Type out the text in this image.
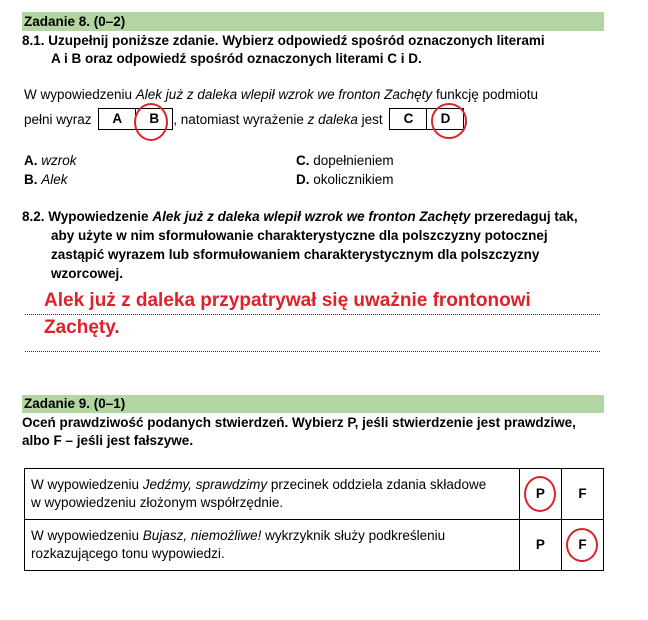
Zadanie 8. (0–2)
8.1. Uzupełnij poniższe zdanie. Wybierz odpowiedź spośród oznaczonych literami
A i B oraz odpowiedź spośród oznaczonych literami C i D.
W wypowiedzeniu Alek już z daleka wlepił wzrok we fronton Zachęty funkcję podmiotu
pełni wyraz	A	B	, natomiast wyrażenie z daleka jest	C	D	.
A. wzrok
B. Alek
C. dopełnieniem
D. okolicznikiem
8.2. Wypowiedzenie Alek już z daleka wlepił wzrok we fronton Zachęty przeredaguj tak,
aby użyte w nim sformułowanie charakterystyczne dla polszczyzny potocznej
zastąpić wyrazem lub sformułowaniem charakterystycznym dla polszczyzny
wzorcowej.
Alek już z daleka przypatrywał się uważnie frontonowi
Zachęty.
Zadanie 9. (0–1)
Oceń prawdziwość podanych stwierdzeń. Wybierz P, jeśli stwierdzenie jest prawdziwe,
albo F – jeśli jest fałszywe.
W wypowiedzeniu Jedźmy, sprawdzimy przecinek oddziela zdania składowe
w wypowiedzeniu złożonym współrzędnie.	P	F
W wypowiedzeniu Bujasz, niemożliwe! wykrzyknik służy podkreśleniu
rozkazującego tonu wypowiedzi.	P	F
